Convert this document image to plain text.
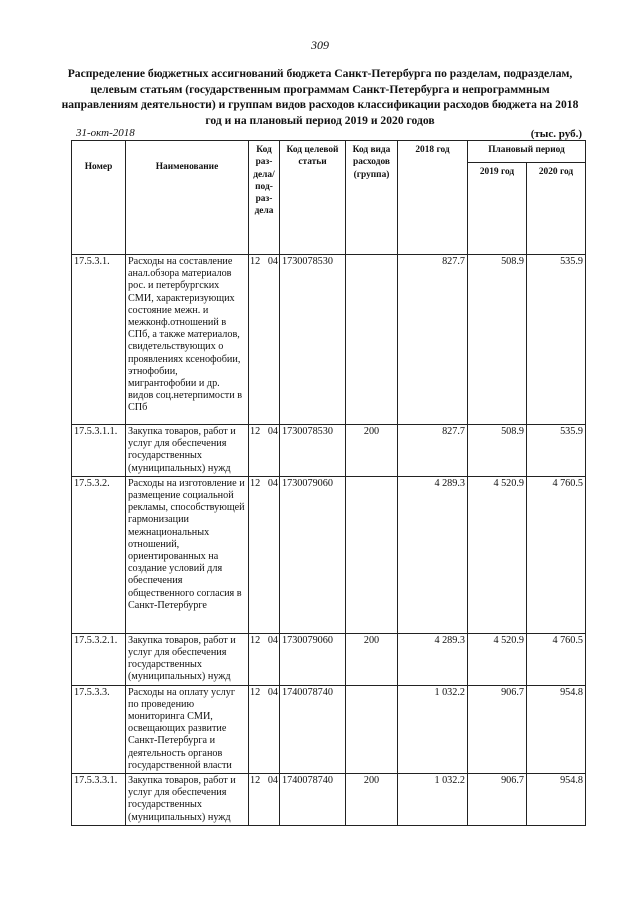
309
Распределение бюджетных ассигнований бюджета Санкт-Петербурга по разделам, подразделам, целевым статьям (государственным программам Санкт-Петербурга и непрограммным направлениям деятельности) и группам видов расходов классификации расходов бюджета на 2018 год и на плановый период 2019 и 2020 годов
31-окт-2018	(тыс. руб.)
Номер	Наименование	Код раз- дела/ под- раз- дела	Код целевой статьи	Код вида расходов (группа)	2018 год	Плановый период	
						2019 год	2020 год
17.5.3.1.	Расходы на составление анал.обзора материалов рос. и петербургских СМИ, характеризующих состояние межн. и межконф.отношений в СПб, а также материалов, свидетельствующих о проявлениях ксенофобии, этнофобии, мигрантофобии и др. видов соц.нетерпимости в СПб	12 04	1730078530		827.7	508.9	535.9
17.5.3.1.1.	Закупка товаров, работ и услуг для обеспечения государственных (муниципальных) нужд	12 04	1730078530	200	827.7	508.9	535.9
17.5.3.2.	Расходы на изготовление и размещение социальной рекламы, способствующей гармонизации межнациональных отношений, ориентированных на создание условий для обеспечения общественного согласия в Санкт-Петербурге	12 04	1730079060		4 289.3	4 520.9	4 760.5
17.5.3.2.1.	Закупка товаров, работ и услуг для обеспечения государственных (муниципальных) нужд	12 04	1730079060	200	4 289.3	4 520.9	4 760.5
17.5.3.3.	Расходы на оплату услуг по проведению мониторинга СМИ, освещающих развитие Санкт-Петербурга и деятельность органов государственной власти	12 04	1740078740		1 032.2	906.7	954.8
17.5.3.3.1.	Закупка товаров, работ и услуг для обеспечения государственных (муниципальных) нужд	12 04	1740078740	200	1 032.2	906.7	954.8
